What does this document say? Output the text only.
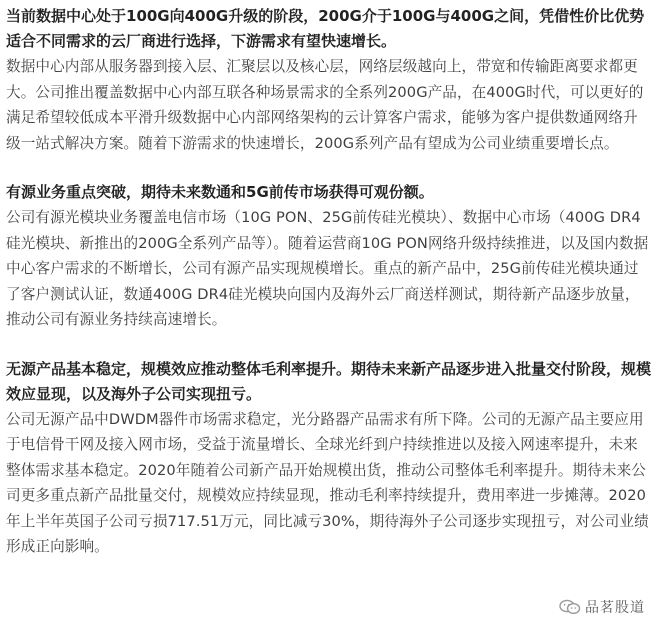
当前数据中心处于100G向400G升级的阶段，200G介于100G与400G之间，凭借性价比优势适合不同需求的云厂商进行选择，下游需求有望快速增长。

数据中心内部从服务器到接入层、汇聚层以及核心层，网络层级越向上，带宽和传输距离要求都更大。公司推出覆盖数据中心内部互联各种场景需求的全系列200G产品，在400G时代，可以更好的满足希望较低成本平滑升级数据中心内部网络架构的云计算客户需求，能够为客户提供数通网络升级一站式解决方案。随着下游需求的快速增长，200G系列产品有望成为公司业绩重要增长点。

有源业务重点突破，期待未来数通和5G前传市场获得可观份额。

公司有源光模块业务覆盖电信市场（10G PON、25G前传硅光模块）、数据中心市场（400G DR4硅光模块、新推出的200G全系列产品等）。随着运营商10G PON网络升级持续推进，以及国内数据中心客户需求的不断增长，公司有源产品实现规模增长。重点的新产品中，25G前传硅光模块通过了客户测试认证，数通400G DR4硅光模块向国内及海外云厂商送样测试，期待新产品逐步放量，推动公司有源业务持续高速增长。

无源产品基本稳定，规模效应推动整体毛利率提升。期待未来新产品逐步进入批量交付阶段，规模效应显现，以及海外子公司实现扭亏。

公司无源产品中DWDM器件市场需求稳定，光分路器产品需求有所下降。公司的无源产品主要应用于电信骨干网及接入网市场，受益于流量增长、全球光纤到户持续推进以及接入网速率提升，未来整体需求基本稳定。2020年随着公司新产品开始规模出货，推动公司整体毛利率提升。期待未来公司更多重点新产品批量交付，规模效应持续显现，推动毛利率持续提升，费用率进一步摊薄。2020年上半年英国子公司亏损717.51万元，同比减亏30%，期待海外子公司逐步实现扭亏，对公司业绩形成正向影响。

品茗股道
